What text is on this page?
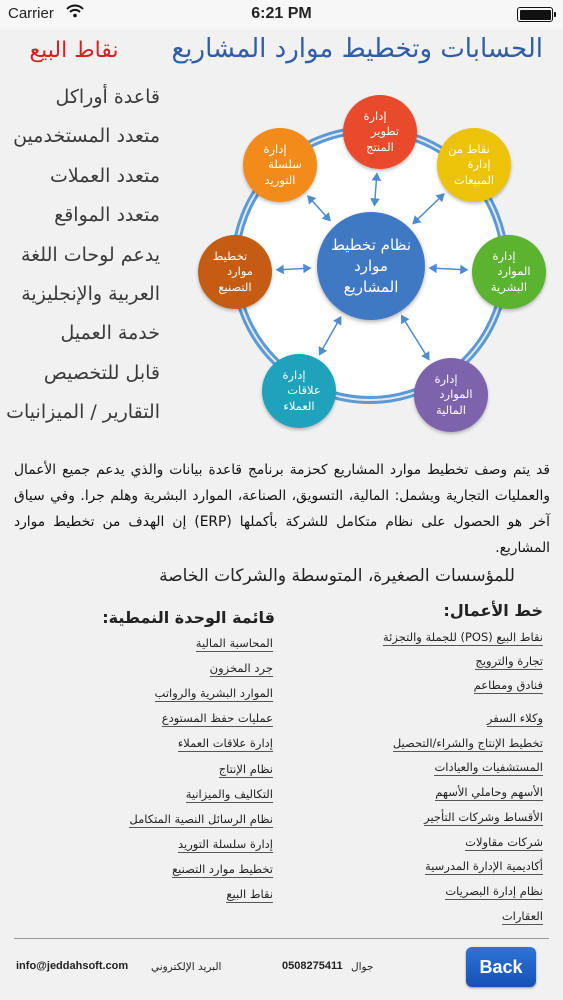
Carrier	6:21 PM
الحسابات وتخطيط موارد المشاريع
نقاط البيع
قاعدة أوراكل
متعدد المستخدمين
متعدد العملات
متعدد المواقع
يدعم لوحات اللغة
العربية والإنجليزية
خدمة العميل
قابل للتخصيص
التقارير / الميزانيات
نظام تخطيط موارد
المشاريع
إدارة تطوير
المنتج	نقاط من إدارة
المبيعات
إدارة الموارد
البشرية
إدارة الموارد
المالية
إدارة علاقات
العملاء
تخطيط موارد
التصنيع
إدارة سلسلة
التوريد
قد يتم وصف تخطيط موارد المشاريع كحزمة برنامج قاعدة بيانات والذي يدعم جميع الأعمال والعمليات التجارية ويشمل: المالية، التسويق، الصناعة، الموارد البشرية وهلم جرا. وفي سياق آخر هو الحصول على نظام متكامل للشركة بأكملها (ERP) إن الهدف من تخطيط موارد المشاريع.
للمؤسسات الصغيرة، المتوسطة والشركات الخاصة
خط الأعمال:
نقاط البيع (POS) للجملة والتجزئة
تجارة والترويج
فنادق ومطاعم
وكلاء السفر
تخطيط الإنتاج والشراء/التحصيل
المستشفيات والعيادات
الأسهم وحاملي الأسهم
الأقساط وشركات التأجير
شركات مقاولات
أكاديمية الإدارة المدرسية
نظام إدارة البصريات
العقارات
قائمة الوحدة النمطية:
المحاسبة المالية
جرد المخزون
الموارد البشرية والرواتب
عمليات حفظ المستودع
إدارة علاقات العملاء
نظام الإنتاج
التكاليف والميزانية
نظام الرسائل النصية المتكامل
إدارة سلسلة التوريد
تخطيط موارد التصنيع
نقاط البيع
info@jeddahsoft.com البريد الإلكتروني	0508275411 جوال	Back
